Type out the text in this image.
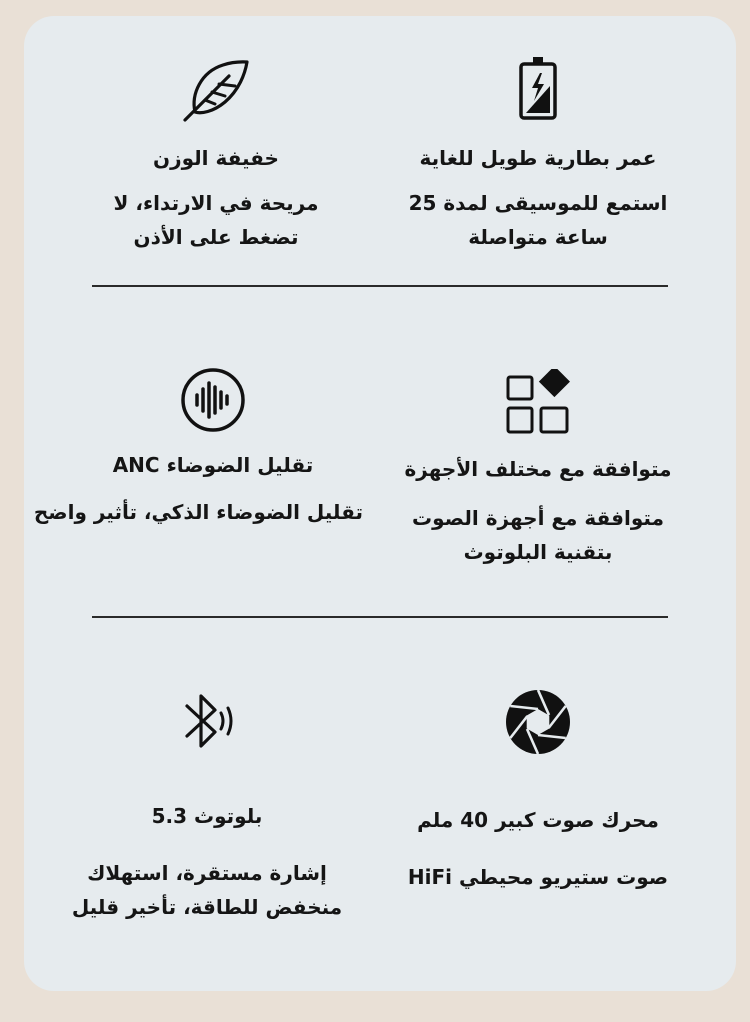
عمر بطارية طويل للغاية
استمع للموسيقى لمدة 25
ساعة متواصلة
خفيفة الوزن
مريحة في الارتداء، لا
تضغط على الأذن
متوافقة مع مختلف الأجهزة
متوافقة مع أجهزة الصوت
بتقنية البلوتوث
تقليل الضوضاء ANC
تقليل الضوضاء الذكي، تأثير واضح
محرك صوت كبير 40 ملم
صوت ستيريو محيطي HiFi
بلوتوث 5.3
إشارة مستقرة، استهلاك
منخفض للطاقة، تأخير قليل
